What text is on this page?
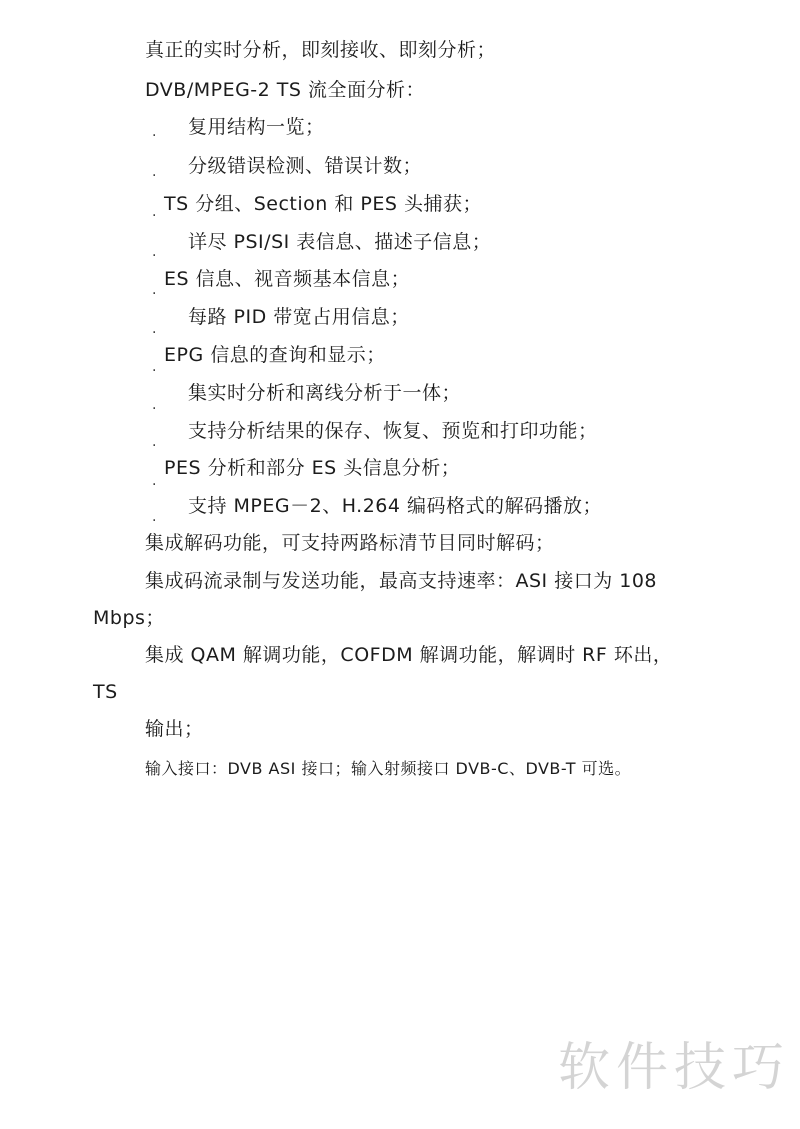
真正的实时分析，即刻接收、即刻分析；
DVB/MPEG-2 TS 流全面分析：
. 复用结构一览；
. 分级错误检测、错误计数；
. TS 分组、Section 和 PES 头捕获；
. 详尽 PSI/SI 表信息、描述子信息；
. ES 信息、视音频基本信息；
.
每路 PID 带宽占用信息；
.
EPG 信息的查询和显示；
.
集实时分析和离线分析于一体；
. 支持分析结果的保存、恢复、预览和打印功能；
.
PES 分析和部分 ES 头信息分析；
. 支持 MPEG－2、H.264 编码格式的解码播放；
集成解码功能，可支持两路标清节目同时解码；
集成码流录制与发送功能，最高支持速率：ASI 接口为 108
Mbps；
集成 QAM 解调功能，COFDM 解调功能，解调时 RF 环出，
TS
输出；
输入接口：DVB ASI 接口；输入射频接口 DVB-C、DVB-T 可选。
软件技巧
